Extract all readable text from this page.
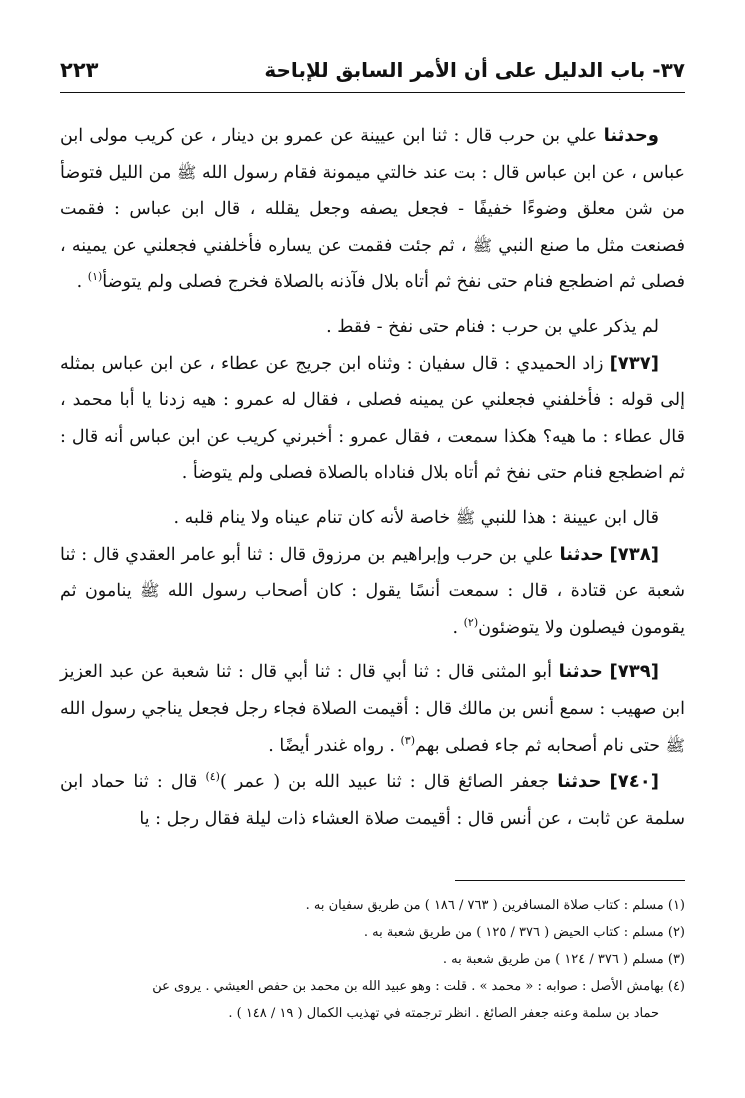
٣٧- باب الدليل على أن الأمر السابق للإباحة
٢٢٣

وحدثنا علي بن حرب قال : ثنا ابن عيينة عن عمرو بن دينار ، عن كريب مولى ابن عباس ، عن ابن عباس قال : بت عند خالتي ميمونة فقام رسول الله ﷺ من الليل فتوضأ من شن معلق وضوءًا خفيفًا - فجعل يصفه وجعل يقلله ، قال ابن عباس : فقمت فصنعت مثل ما صنع النبي ﷺ ، ثم جئت فقمت عن يساره فأخلفني فجعلني عن يمينه ، فصلى ثم اضطجع فنام حتى نفخ ثم أتاه بلال فآذنه بالصلاة فخرج فصلى ولم يتوضأ$^{(١)}$ .

لم يذكر علي بن حرب : فنام حتى نفخ - فقط .

[٧٣٧] زاد الحميدي : قال سفيان : وثناه ابن جريج عن عطاء ، عن ابن عباس بمثله إلى قوله : فأخلفني فجعلني عن يمينه فصلى ، فقال له عمرو : هيه زدنا يا أبا محمد ، قال عطاء : ما هيه؟ هكذا سمعت ، فقال عمرو : أخبرني كريب عن ابن عباس أنه قال : ثم اضطجع فنام حتى نفخ ثم أتاه بلال فناداه بالصلاة فصلى ولم يتوضأ .

قال ابن عيينة : هذا للنبي ﷺ خاصة لأنه كان تنام عيناه ولا ينام قلبه .

[٧٣٨] حدثنا علي بن حرب وإبراهيم بن مرزوق قال : ثنا أبو عامر العقدي قال : ثنا شعبة عن قتادة ، قال : سمعت أنسًا يقول : كان أصحاب رسول الله ﷺ ينامون ثم يقومون فيصلون ولا يتوضئون$^{(٢)}$ .

[٧٣٩] حدثنا أبو المثنى قال : ثنا أبي قال : ثنا أبي قال : ثنا شعبة عن عبد العزيز ابن صهيب : سمع أنس بن مالك قال : أقيمت الصلاة فجاء رجل فجعل يناجي رسول الله ﷺ حتى نام أصحابه ثم جاء فصلى بهم$^{(٣)}$ . رواه غندر أيضًا .

[٧٤٠] حدثنا جعفر الصائغ قال : ثنا عبيد الله بن ( عمر )$^{(٤)}$ قال : ثنا حماد ابن سلمة عن ثابت ، عن أنس قال : أقيمت صلاة العشاء ذات ليلة فقال رجل : يا

(١) مسلم : كتاب صلاة المسافرين ( ٧٦٣ / ١٨٦ ) من طريق سفيان به .

(٢) مسلم : كتاب الحيض ( ٣٧٦ / ١٢٥ ) من طريق شعبة به .

(٣) مسلم ( ٣٧٦ / ١٢٤ ) من طريق شعبة به .

(٤) بهامش الأصل : صوابه : « محمد » . قلت : وهو عبيد الله بن محمد بن حفص العيشي . يروى عن

حماد بن سلمة وعنه جعفر الصائغ . انظر ترجمته في تهذيب الكمال ( ١٩ / ١٤٨ ) .
